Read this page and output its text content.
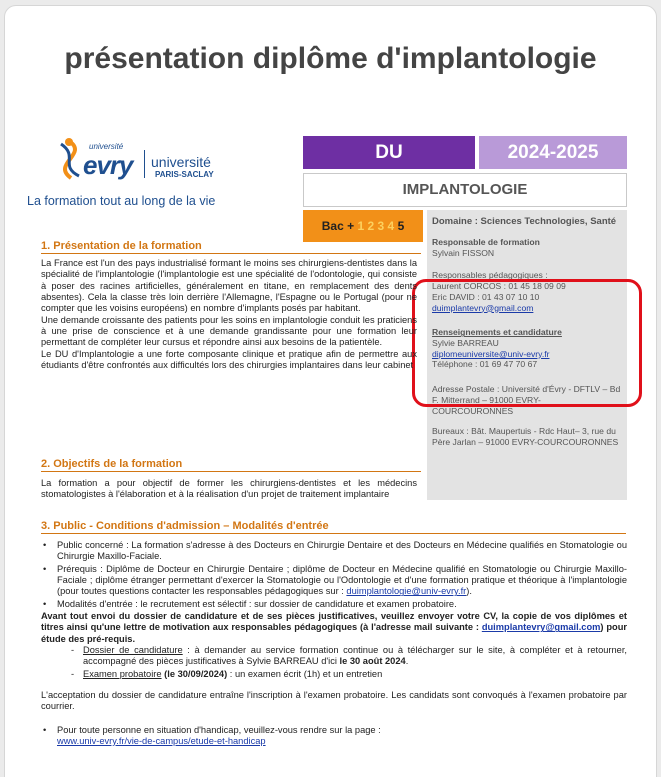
présentation diplôme d'implantologie
université
evry université
PARIS-SACLAY
La formation tout au long de la vie
DU	2024-2025
IMPLANTOLOGIE
Bac + 1 2 3 4 5	Domaine : Sciences Technologies, Santé
Responsable de formation
Sylvain FISSON
Responsables pédagogiques :
Laurent CORCOS : 01 45 18 09 09
Eric DAVID : 01 43 07 10 10
duimplantevry@gmail.com
Renseignements et candidature
Sylvie BARREAU
diplomeuniversite@univ-evry.fr
Téléphone : 01 69 47 70 67
Adresse Postale : Université d'Évry - DFTLV – Bd F. Mitterrand – 91000 EVRY-COURCOURONNES
Bureaux : Bât. Maupertuis - Rdc Haut– 3, rue du Père Jarlan – 91000 EVRY-COURCOURONNES
1. Présentation de la formation

La France est l'un des pays industrialisé formant le moins ses chirurgiens-dentistes dans la spécialité de l'implantologie (l'implantologie est une spécialité de l'odontologie, qui consiste à poser des racines artificielles, généralement en titane, en remplacement des dents absentes). Cela la classe très loin derrière l'Allemagne, l'Espagne ou le Portugal (pour ne compter que les voisins européens) en nombre d'implants posés par habitant.

Une demande croissante des patients pour les soins en implantologie conduit les praticiens à une prise de conscience et à une demande grandissante pour une formation leur permettant de compléter leur cursus et répondre ainsi aux besoins de la patientèle.

Le DU d'Implantologie a une forte composante clinique et pratique afin de permettre aux étudiants d'être confrontés aux difficultés lors des chirurgies implantaires dans leur cabinet

2. Objectifs de la formation

La formation a pour objectif de former les chirurgiens-dentistes et les médecins stomatologistes à l'élaboration et à la réalisation d'un projet de traitement implantaire

3. Public - Conditions d'admission – Modalités d'entrée
• Public concerné : La formation s'adresse à des Docteurs en Chirurgie Dentaire et des Docteurs en Médecine qualifiés en Stomatologie ou Chirurgie Maxillo-Faciale.
• Prérequis : Diplôme de Docteur en Chirurgie Dentaire ; diplôme de Docteur en Médecine qualifié en Stomatologie ou Chirurgie Maxillo-Faciale ; diplôme étranger permettant d'exercer la Stomatologie ou l'Odontologie et d'une formation pratique et théorique à l'implantologie (pour toutes questions contacter les responsables pédagogiques sur : duimplantologie@univ-evry.fr).
• Modalités d'entrée : le recrutement est sélectif : sur dossier de candidature et examen probatoire.

Avant tout envoi du dossier de candidature et de ses pièces justificatives, veuillez envoyer votre CV, la copie de vos diplômes et titres ainsi qu'une lettre de motivation aux responsables pédagogiques (à l'adresse mail suivante : duimplantevry@gmail.com) pour étude des pré-requis.

- Dossier de candidature : à demander au service formation continue ou à télécharger sur le site, à compléter et à retourner, accompagné des pièces justificatives à Sylvie BARREAU d'ici le 30 août 2024.
- Examen probatoire (le 30/09/2024) : un examen écrit (1h) et un entretien

L'acceptation du dossier de candidature entraîne l'inscription à l'examen probatoire. Les candidats sont convoqués à l'examen probatoire par courrier.

• Pour toute personne en situation d'handicap, veuillez-vous rendre sur la page :
www.univ-evry.fr/vie-de-campus/etude-et-handicap
